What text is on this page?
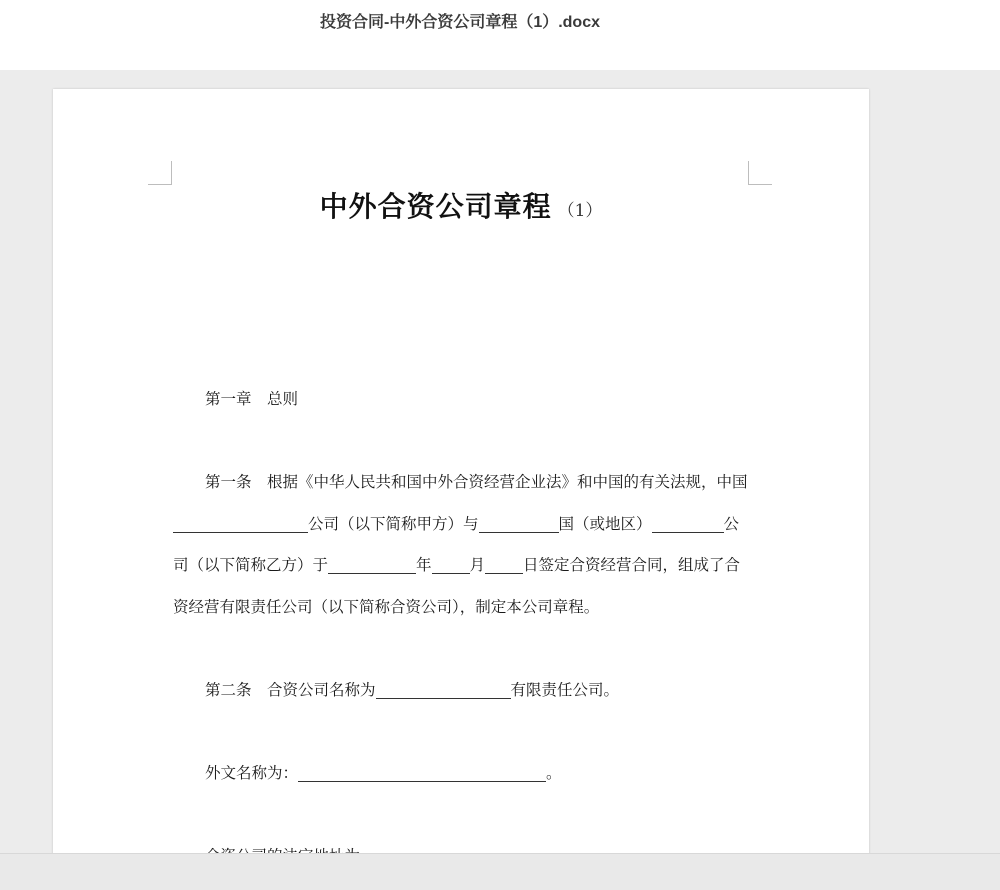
投资合同-中外合资公司章程（1）.docx
中外合资公司章程 （1）
第一章　总则
第一条　根据《中华人民共和国中外合资经营企业法》和中国的有关法规，中国公司（以下简称甲方）与	国（或地区）	公司（以下简称乙方）于	年 月 日签定合资经营合同，组成了合资经营有限责任公司（以下简称合资公司），制定本公司章程。
第二条　合资公司名称为	有限责任公司。
外文名称为：	。
